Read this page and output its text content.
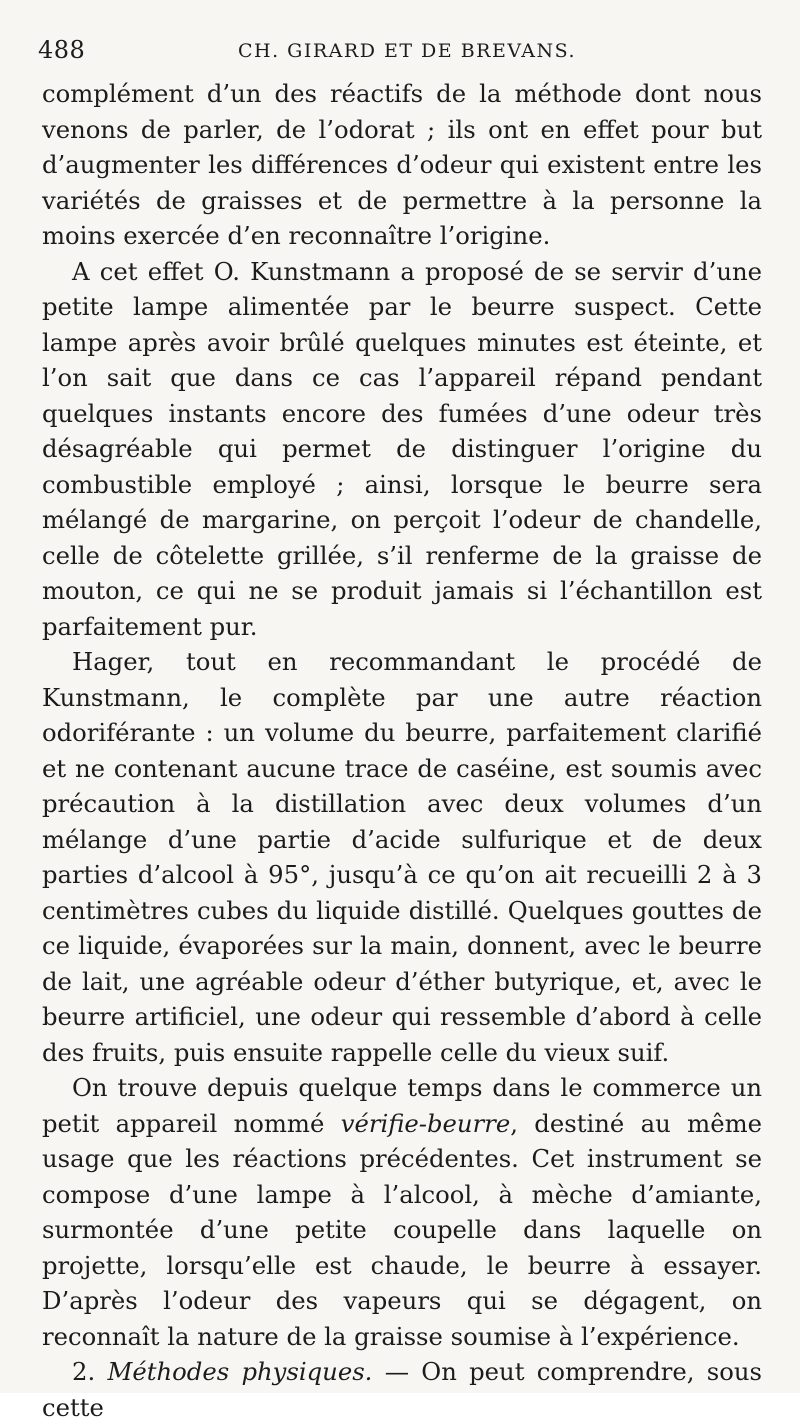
488	CH. GIRARD ET DE BREVANS.

complément d’un des réactifs de la méthode dont nous venons de parler, de l’odorat ; ils ont en effet pour but d’augmenter les différences d’odeur qui existent entre les variétés de graisses et de permettre à la personne la moins exercée d’en reconnaître l’origine.

A cet effet O. Kunstmann a proposé de se servir d’une petite lampe alimentée par le beurre suspect. Cette lampe après avoir brûlé quelques minutes est éteinte, et l’on sait que dans ce cas l’appareil répand pendant quelques instants encore des fumées d’une odeur très désagréable qui permet de distinguer l’origine du combustible employé ; ainsi, lorsque le beurre sera mélangé de margarine, on perçoit l’odeur de chandelle, celle de côtelette grillée, s’il renferme de la graisse de mouton, ce qui ne se produit jamais si l’échantillon est parfaitement pur.

Hager, tout en recommandant le procédé de Kunstmann, le complète par une autre réaction odoriférante : un volume du beurre, parfaitement clarifié et ne contenant aucune trace de caséine, est soumis avec précaution à la distillation avec deux volumes d’un mélange d’une partie d’acide sulfurique et de deux parties d’alcool à 95°, jusqu’à ce qu’on ait recueilli 2 à 3 centimètres cubes du liquide distillé. Quelques gouttes de ce liquide, évaporées sur la main, donnent, avec le beurre de lait, une agréable odeur d’éther butyrique, et, avec le beurre artificiel, une odeur qui ressemble d’abord à celle des fruits, puis ensuite rappelle celle du vieux suif.

On trouve depuis quelque temps dans le commerce un petit appareil nommé vérifie-beurre, destiné au même usage que les réactions précédentes. Cet instrument se compose d’une lampe à l’alcool, à mèche d’amiante, surmontée d’une petite coupelle dans laquelle on projette, lorsqu’elle est chaude, le beurre à essayer. D’après l’odeur des vapeurs qui se dégagent, on reconnaît la nature de la graisse soumise à l’expérience.

2. Méthodes physiques. — On peut comprendre, sous cette
